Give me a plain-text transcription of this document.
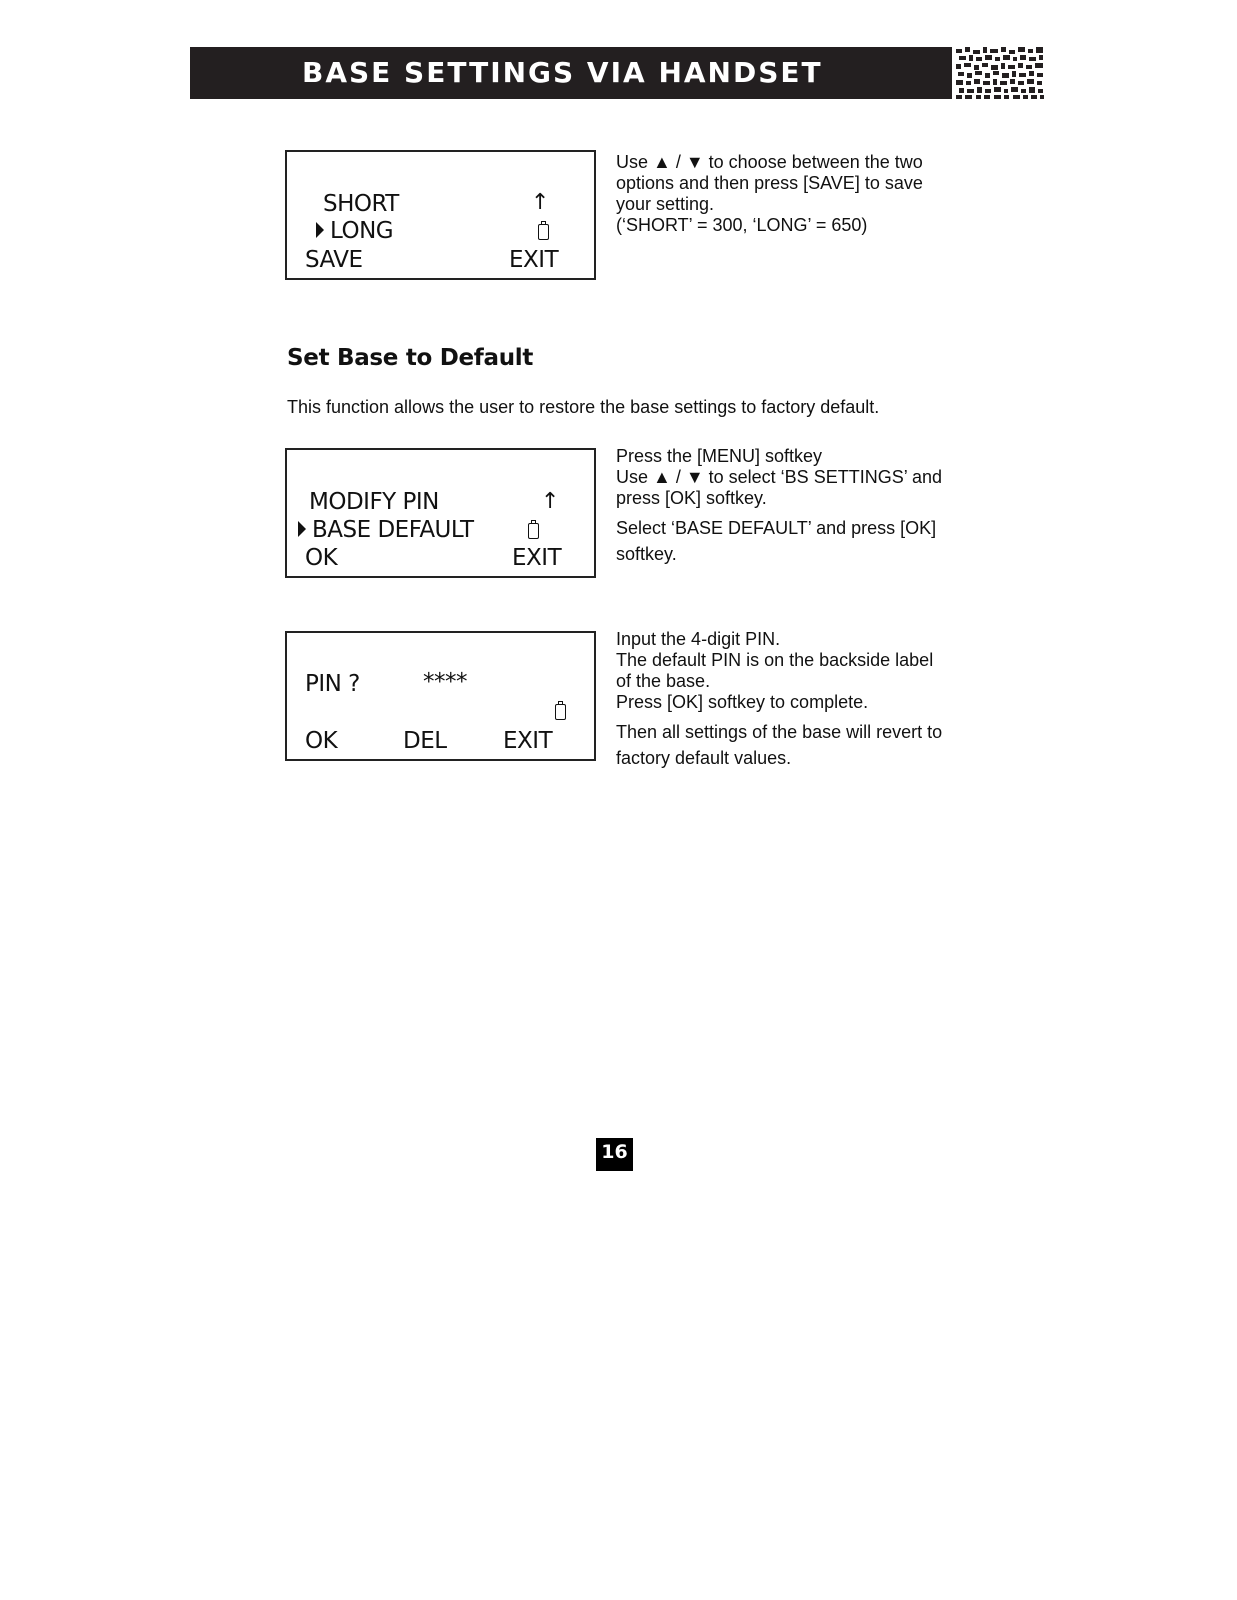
BASE SETTINGS VIA HANDSET
SHORT
LONG
↑
SAVE	EXIT

Use ▲ / ▼ to choose between the two

options and then press [SAVE] to save

your setting.

(‘SHORT’ = 300, ‘LONG’ = 650)

Set Base to Default
This function allows the user to restore the base settings to factory default.
MODIFY PIN
BASE DEFAULT
↑
OK	EXIT

Press the [MENU] softkey

Use ▲ / ▼ to select ‘BS SETTINGS’ and

press [OK] softkey.

Select ‘BASE DEFAULT’ and press [OK]

softkey.

PIN ?	****
OK	DEL EXIT

Input the 4-digit PIN.

The default PIN is on the backside label

of the base.

Press [OK] softkey to complete.

Then all settings of the base will revert to

factory default values.

16
